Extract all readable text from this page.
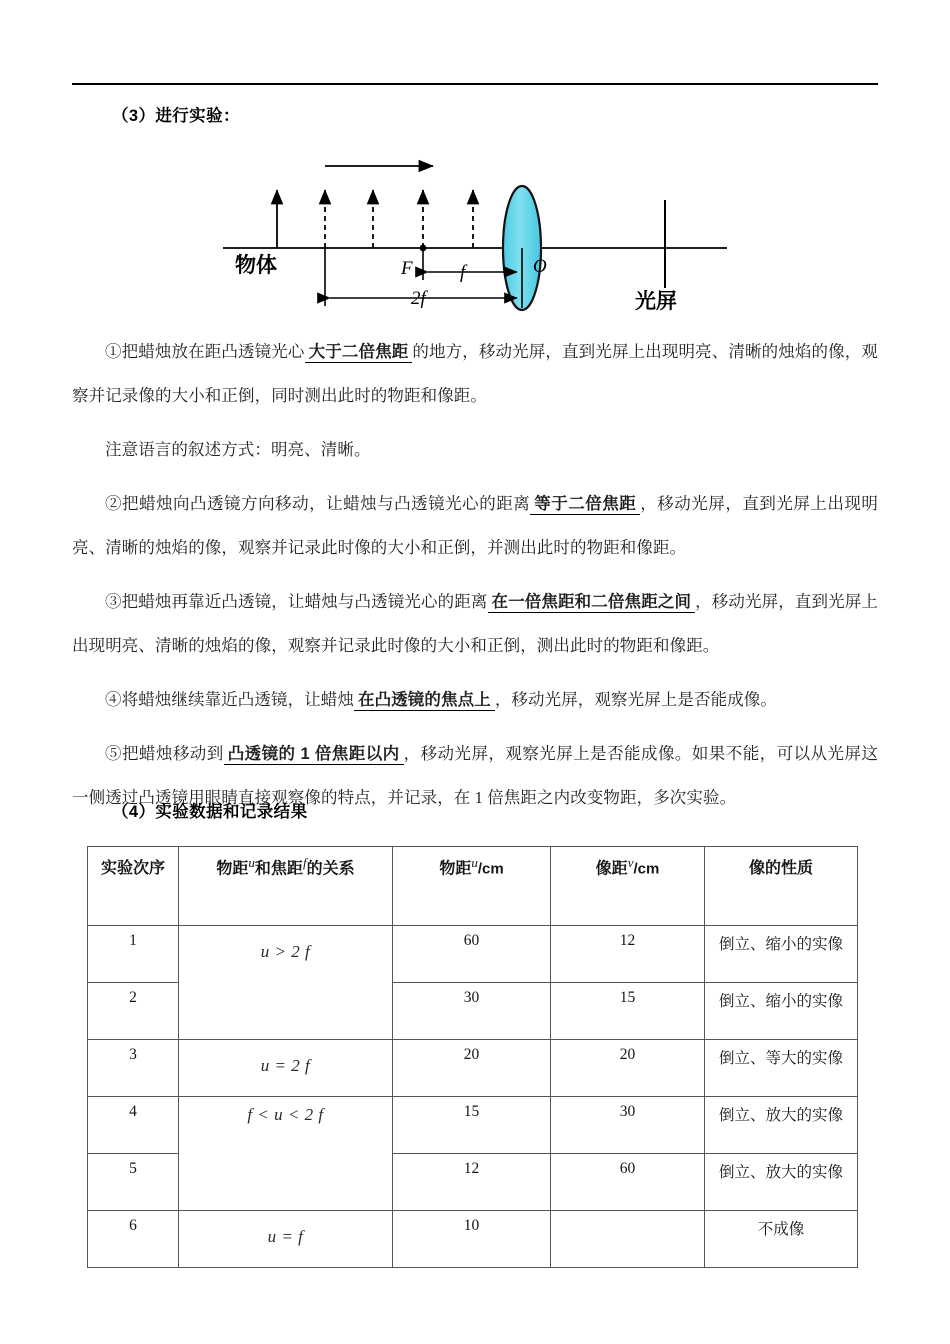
（3）进行实验：

物体
光屏
F	O
f
2f

①把蜡烛放在距凸透镜光心 大于二倍焦距 的地方，移动光屏，直到光屏上出现明亮、清晰的烛焰的像，观察并记录像的大小和正倒，同时测出此时的物距和像距。

注意语言的叙述方式：明亮、清晰。

②把蜡烛向凸透镜方向移动，让蜡烛与凸透镜光心的距离 等于二倍焦距 ，移动光屏，直到光屏上出现明亮、清晰的烛焰的像，观察并记录此时像的大小和正倒，并测出此时的物距和像距。

③把蜡烛再靠近凸透镜，让蜡烛与凸透镜光心的距离 在一倍焦距和二倍焦距之间 ，移动光屏，直到光屏上出现明亮、清晰的烛焰的像，观察并记录此时像的大小和正倒，测出此时的物距和像距。

④将蜡烛继续靠近凸透镜，让蜡烛 在凸透镜的焦点上 ，移动光屏，观察光屏上是否能成像。

⑤把蜡烛移动到 凸透镜的 1 倍焦距以内 ，移动光屏，观察光屏上是否能成像。如果不能，可以从光屏这一侧透过凸透镜用眼睛直接观察像的特点，并记录，在 1 倍焦距之内改变物距，多次实验。

（4）实验数据和记录结果

实验次序	物距$^u$和焦距$^f$的关系	物距$^u$/cm	像距$^v$/cm	像的性质
1	u > 2 f	60	12	倒立、缩小的实像
2		30	15	倒立、缩小的实像
3	u = 2 f	20	20	倒立、等大的实像
4	f < u < 2 f	15	30	倒立、放大的实像
5		12	60	倒立、放大的实像
6	u = f	10		不成像
